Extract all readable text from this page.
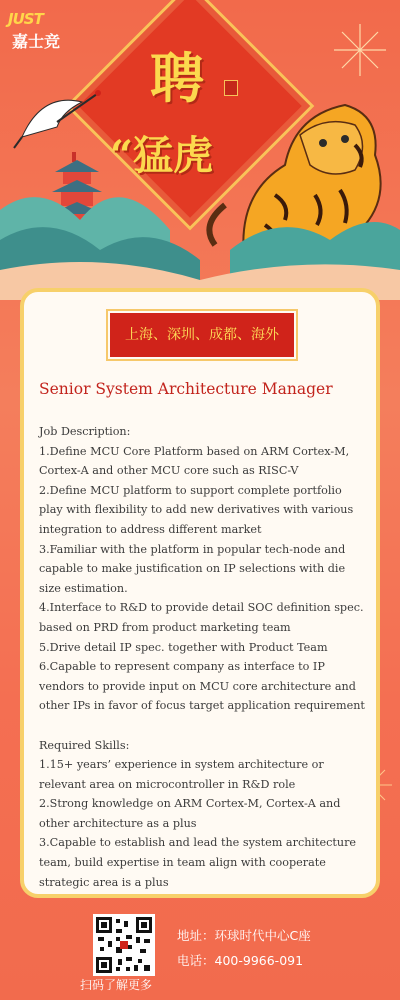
JUST
嘉士竞
聘
“猛虎
上海、深圳、成都、海外
Senior System Architecture Manager

Job Description:

1.Define MCU Core Platform based on ARM Cortex-M, Cortex-A and other MCU core such as RISC-V

2.Define MCU platform to support complete portfolio play with flexibility to add new derivatives with various integration to address different market

3.Familiar with the platform in popular tech-node and capable to make justification on IP selections with die size estimation.

4.Interface to R&D to provide detail SOC definition spec. based on PRD from product marketing team

5.Drive detail IP spec. together with Product Team

6.Capable to represent company as interface to IP vendors to provide input on MCU core architecture and other IPs in favor of focus target application requirement

Required Skills:

1.15+ years’ experience in system architecture or relevant area on microcontroller in R&D role

2.Strong knowledge on ARM Cortex-M, Cortex-A and other architecture as a plus

3.Capable to establish and lead the system architecture team, build expertise in team align with cooperate strategic area is a plus

扫码了解更多
地址：环球时代中心C座
电话：400-9966-091
